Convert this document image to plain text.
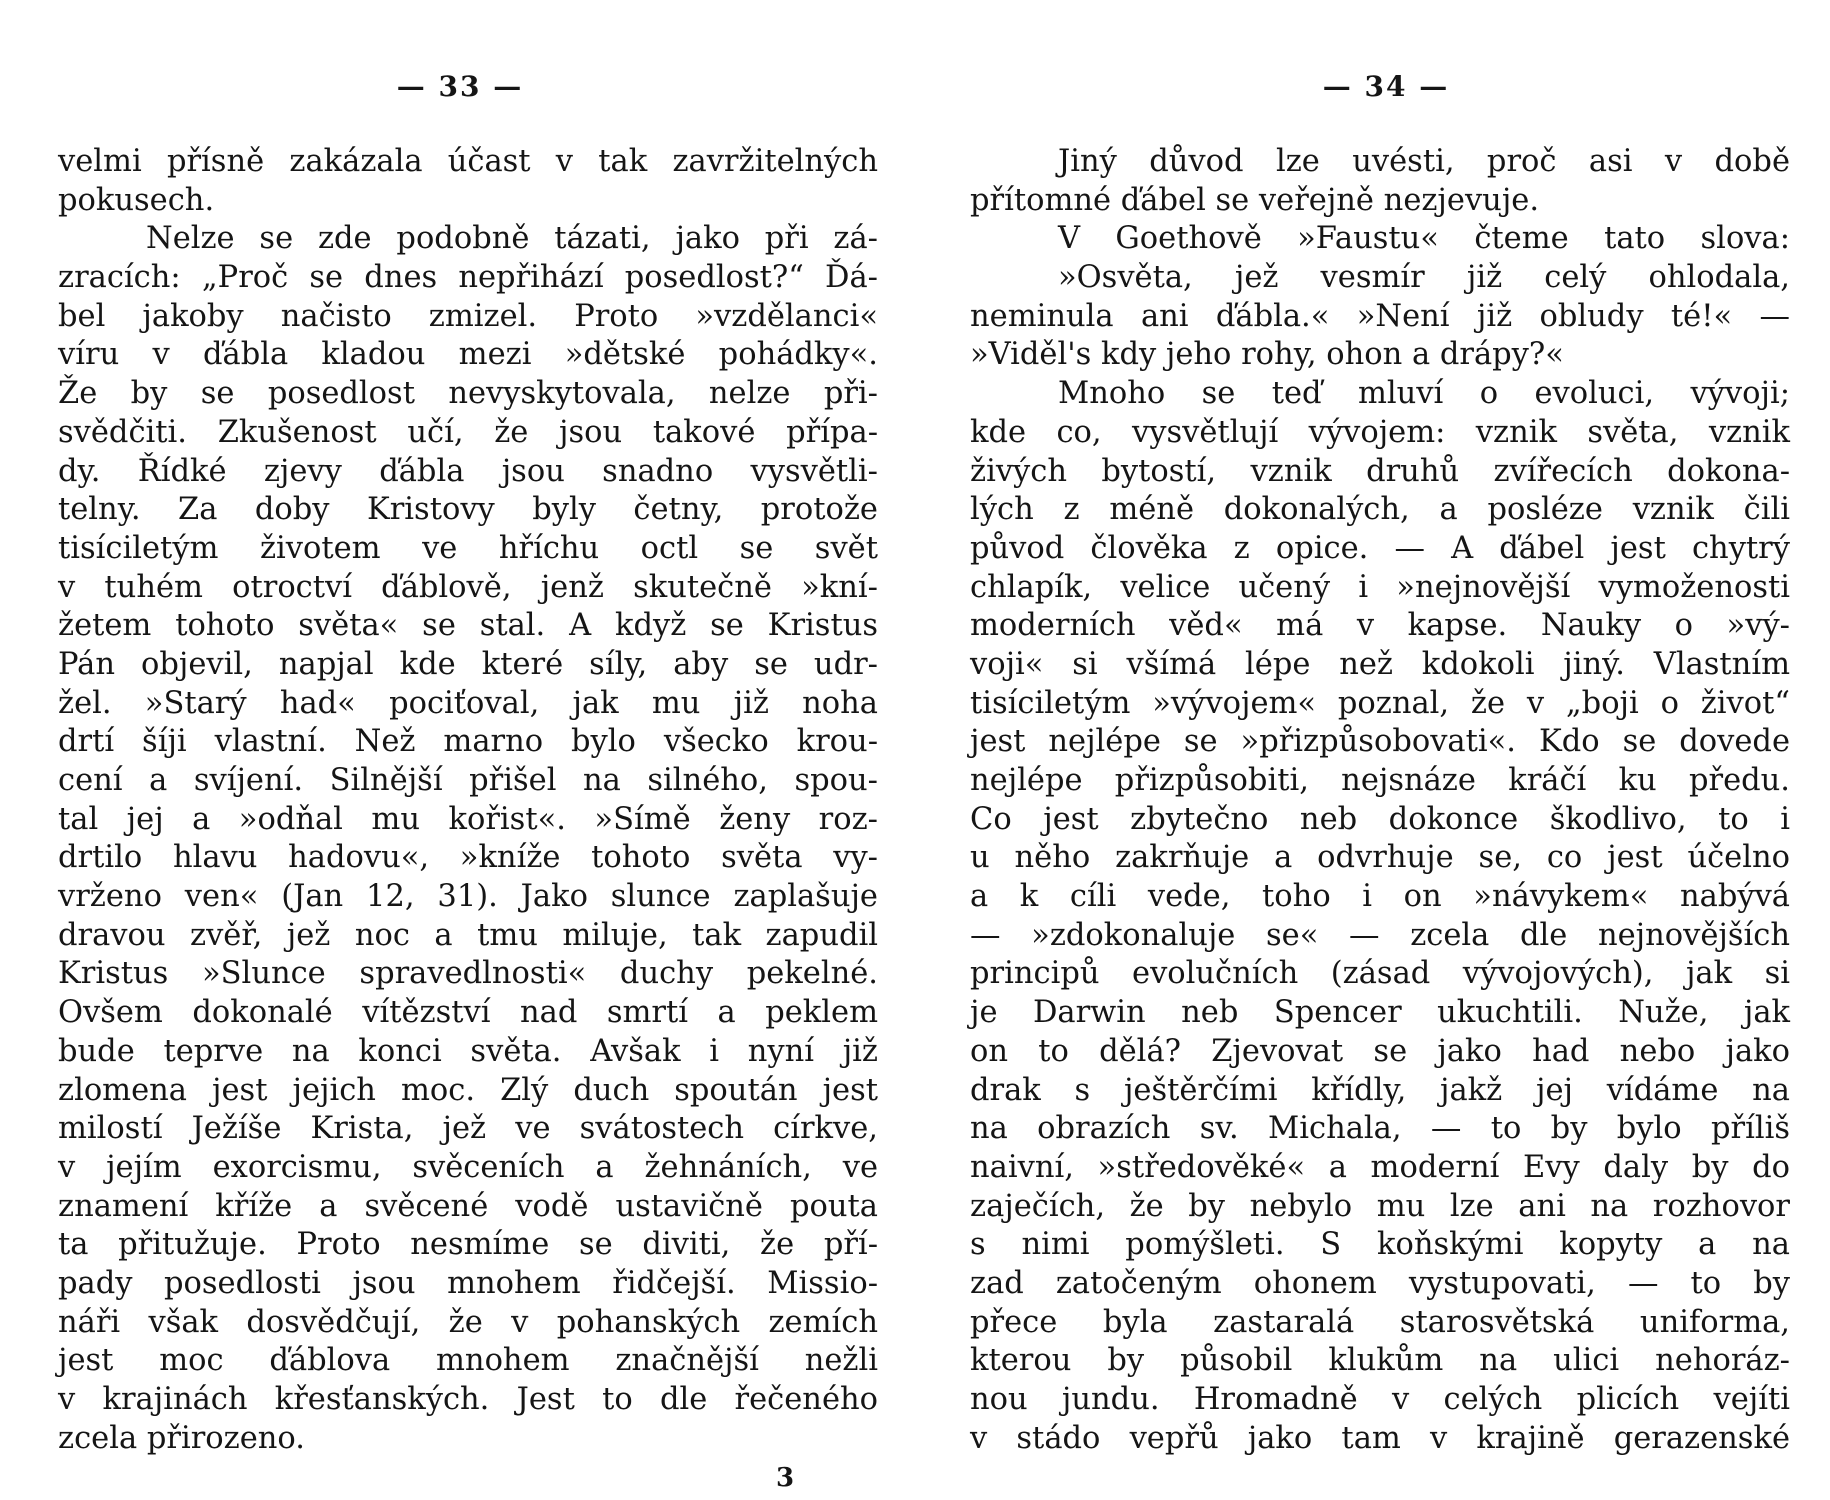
— 33 —
velmi přísně zakázala účast v tak zavržitelných
pokusech.
Nelze se zde podobně tázati, jako při zá-
zracích: „Proč se dnes nepřihází posedlost?“ Ďá-
bel jakoby načisto zmizel. Proto »vzdělanci«
víru v ďábla kladou mezi »dětské pohádky«.
Že by se posedlost nevyskytovala, nelze při-
svědčiti. Zkušenost učí, že jsou takové přípa-
dy. Řídké zjevy ďábla jsou snadno vysvětli-
telny. Za doby Kristovy byly četny, protože
tisíciletým životem ve hříchu octl se svět
v tuhém otroctví ďáblově, jenž skutečně »kní-
žetem tohoto světa« se stal. A když se Kristus
Pán objevil, napjal kde které síly, aby se udr-
žel. »Starý had« pociťoval, jak mu již noha
drtí šíji vlastní. Než marno bylo všecko krou-
cení a svíjení. Silnější přišel na silného, spou-
tal jej a »odňal mu kořist«. »Símě ženy roz-
drtilo hlavu hadovu«, »kníže tohoto světa vy-
vrženo ven« (Jan 12, 31). Jako slunce zaplašuje
dravou zvěř, jež noc a tmu miluje, tak zapudil
Kristus »Slunce spravedlnosti« duchy pekelné.
Ovšem dokonalé vítězství nad smrtí a peklem
bude teprve na konci světa. Avšak i nyní již
zlomena jest jejich moc. Zlý duch spoután jest
milostí Ježíše Krista, jež ve svátostech církve,
v jejím exorcismu, svěceních a žehnáních, ve
znamení kříže a svěcené vodě ustavičně pouta
ta přitužuje. Proto nesmíme se diviti, že pří-
pady posedlosti jsou mnohem řidčejší. Missio-
náři však dosvědčují, že v pohanských zemích
jest moc ďáblova mnohem značnější nežli
v krajinách křesťanských. Jest to dle řečeného
zcela přirozeno.
3
— 34 —
Jiný důvod lze uvésti, proč asi v době
přítomné ďábel se veřejně nezjevuje.
V Goethově »Faustu« čteme tato slova:
»Osvěta, jež vesmír již celý ohlodala,
neminula ani ďábla.« »Není již obludy té!« —
»Viděl's kdy jeho rohy, ohon a drápy?«
Mnoho se teď mluví o evoluci, vývoji;
kde co, vysvětlují vývojem: vznik světa, vznik
živých bytostí, vznik druhů zvířecích dokona-
lých z méně dokonalých, a posléze vznik čili
původ člověka z opice. — A ďábel jest chytrý
chlapík, velice učený i »nejnovější vymoženosti
moderních věd« má v kapse. Nauky o »vý-
voji« si všímá lépe než kdokoli jiný. Vlastním
tisíciletým »vývojem« poznal, že v „boji o život“
jest nejlépe se »přizpůsobovati«. Kdo se dovede
nejlépe přizpůsobiti, nejsnáze kráčí ku předu.
Co jest zbytečno neb dokonce škodlivo, to i
u něho zakrňuje a odvrhuje se, co jest účelno
a k cíli vede, toho i on »návykem« nabývá
— »zdokonaluje se« — zcela dle nejnovějších
principů evolučních (zásad vývojových), jak si
je Darwin neb Spencer ukuchtili. Nuže, jak
on to dělá? Zjevovat se jako had nebo jako
drak s ještěrčími křídly, jakž jej vídáme na
na obrazích sv. Michala, — to by bylo příliš
naivní, »středověké« a moderní Evy daly by do
zaječích, že by nebylo mu lze ani na rozhovor
s nimi pomýšleti. S koňskými kopyty a na
zad zatočeným ohonem vystupovati, — to by
přece byla zastaralá starosvětská uniforma,
kterou by působil klukům na ulici nehoráz-
nou jundu. Hromadně v celých plicích vejíti
v stádo vepřů jako tam v krajině gerazenské
